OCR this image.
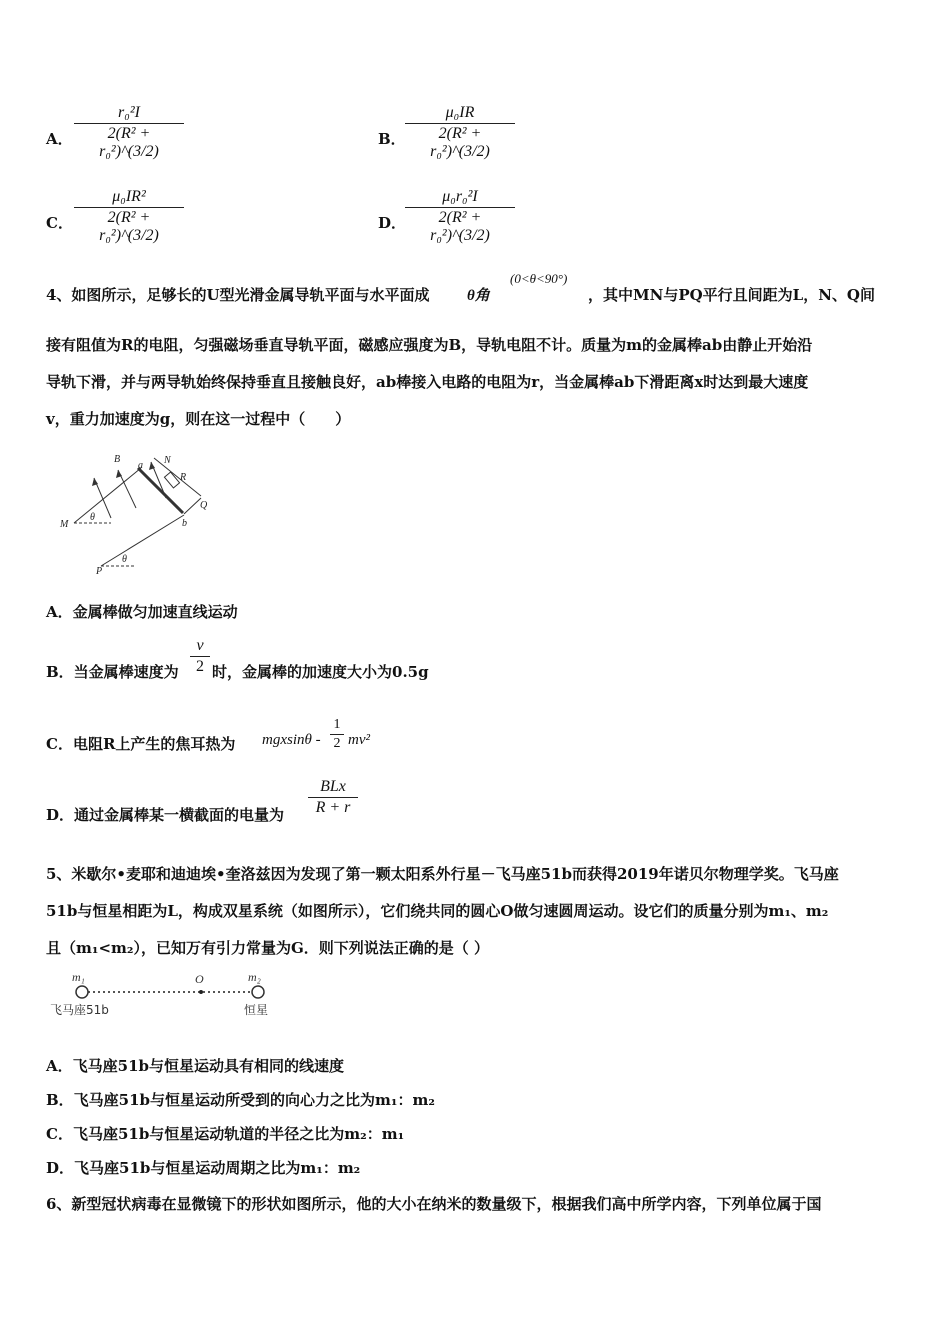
A．
r₀²I
2(R² + r₀²)^(3/2)
B．
μ₀IR
2(R² + r₀²)^(3/2)
C．
μ₀IR²
2(R² + r₀²)^(3/2)
D．
μ₀r₀²I
2(R² + r₀²)^(3/2)
4、如图所示，足够长的U型光滑金属导轨平面与水平面成 θ角
(0<θ<90°)
，其中MN与PQ平行且间距为L，N、Q间
接有阻值为R的电阻，匀强磁场垂直导轨平面，磁感应强度为B，导轨电阻不计。质量为m的金属棒ab由静止开始沿
导轨下滑，并与两导轨始终保持垂直且接触良好，ab棒接入电路的电阻为r，当金属棒ab下滑距离x时达到最大速度
v，重力加速度为g，则在这一过程中（　　）
B
a N
R
Q
b
M
P
θ
θ
A．金属棒做匀加速直线运动
B．当金属棒速度为
v
2 时，金属棒的加速度大小为0.5g
C．电阻R上产生的焦耳热为 mgxsinθ -
1
2 mv²
D．通过金属棒某一横截面的电量为
BLx
R + r
5、米歇尔•麦耶和迪迪埃•奎洛兹因为发现了第一颗太阳系外行星－飞马座51b而获得2019年诺贝尔物理学奖。飞马座
51b与恒星相距为L，构成双星系统（如图所示），它们绕共同的圆心O做匀速圆周运动。设它们的质量分别为m₁、m₂
且（m₁<m₂），已知万有引力常量为G．则下列说法正确的是（ ）
m₁	O	m₂
飞马座51b	恒星
A．飞马座51b与恒星运动具有相同的线速度
B．飞马座51b与恒星运动所受到的向心力之比为m₁：m₂
C．飞马座51b与恒星运动轨道的半径之比为m₂：m₁
D．飞马座51b与恒星运动周期之比为m₁：m₂
6、新型冠状病毒在显微镜下的形状如图所示，他的大小在纳米的数量级下，根据我们高中所学内容，下列单位属于国
